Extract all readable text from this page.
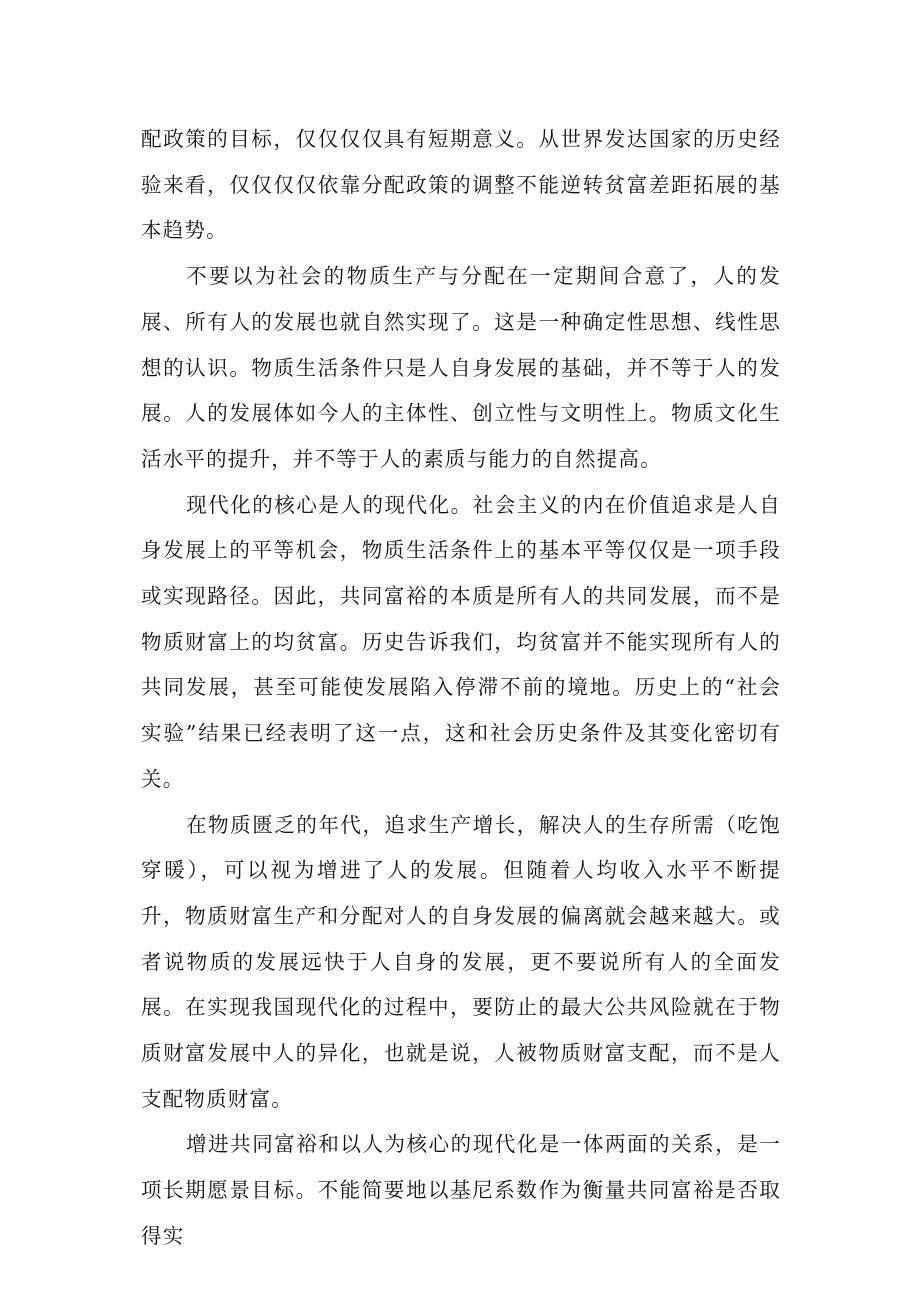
配政策的目标，仅仅仅仅具有短期意义。从世界发达国家的历史经验来看，仅仅仅仅依靠分配政策的调整不能逆转贫富差距拓展的基本趋势。

不要以为社会的物质生产与分配在一定期间合意了，人的发展、所有人的发展也就自然实现了。这是一种确定性思想、线性思想的认识。物质生活条件只是人自身发展的基础，并不等于人的发展。人的发展体如今人的主体性、创立性与文明性上。物质文化生活水平的提升，并不等于人的素质与能力的自然提高。

现代化的核心是人的现代化。社会主义的内在价值追求是人自身发展上的平等机会，物质生活条件上的基本平等仅仅是一项手段或实现路径。因此，共同富裕的本质是所有人的共同发展，而不是物质财富上的均贫富。历史告诉我们，均贫富并不能实现所有人的共同发展，甚至可能使发展陷入停滞不前的境地。历史上的“社会实验”结果已经表明了这一点，这和社会历史条件及其变化密切有关。

在物质匮乏的年代，追求生产增长，解决人的生存所需（吃饱穿暖），可以视为增进了人的发展。但随着人均收入水平不断提升，物质财富生产和分配对人的自身发展的偏离就会越来越大。或者说物质的发展远快于人自身的发展，更不要说所有人的全面发展。在实现我国现代化的过程中，要防止的最大公共风险就在于物质财富发展中人的异化，也就是说，人被物质财富支配，而不是人支配物质财富。

增进共同富裕和以人为核心的现代化是一体两面的关系，是一项长期愿景目标。不能简要地以基尼系数作为衡量共同富裕是否取得实
